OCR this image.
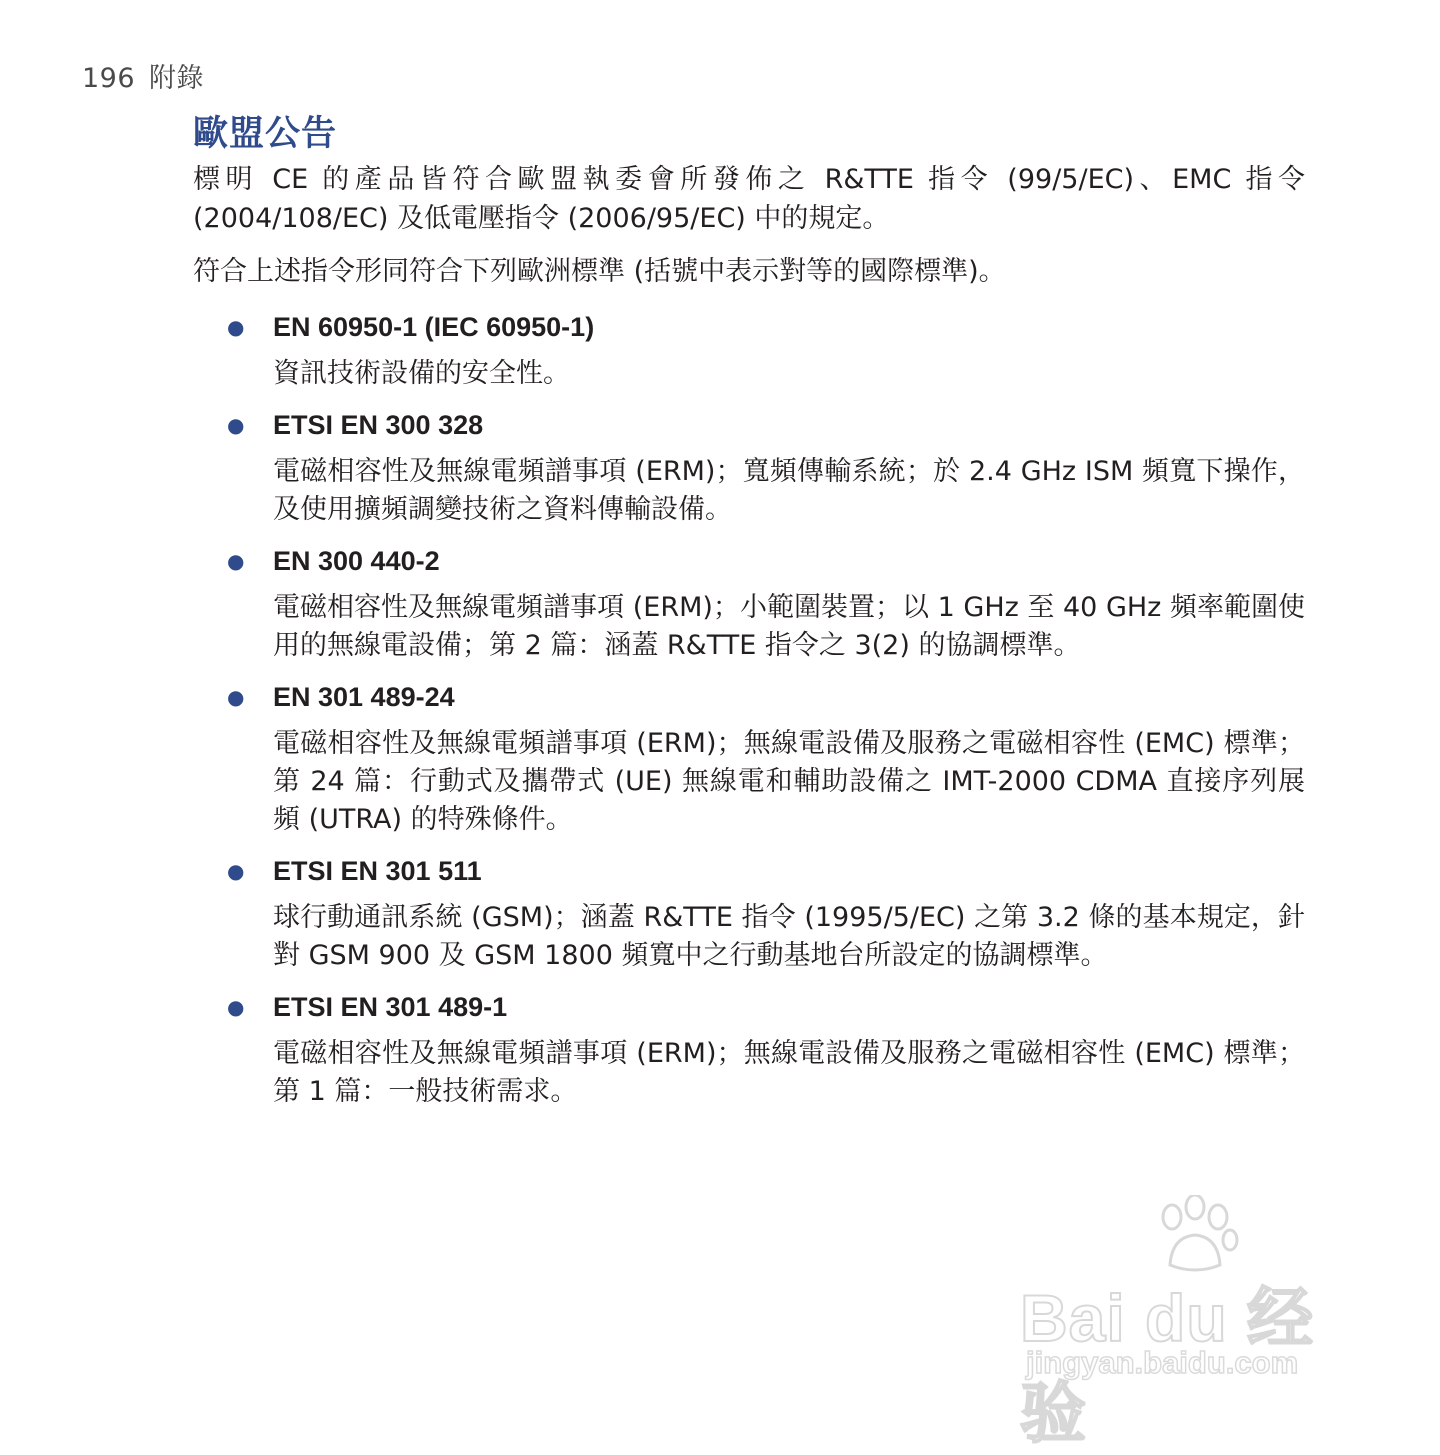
196 附錄
歐盟公告

標明 CE 的產品皆符合歐盟執委會所發佈之 R&TTE 指令 (99/5/EC)、EMC 指令 (2004/108/EC) 及低電壓指令 (2006/95/EC) 中的規定。

符合上述指令形同符合下列歐洲標準 (括號中表示對等的國際標準)。

● EN 60950-1 (IEC 60950-1)

資訊技術設備的安全性。

● ETSI EN 300 328

電磁相容性及無線電頻譜事項 (ERM)；寬頻傳輸系統；於 2.4 GHz ISM 頻寬下操作，及使用擴頻調變技術之資料傳輸設備。

● EN 300 440-2

電磁相容性及無線電頻譜事項 (ERM)；小範圍裝置；以 1 GHz 至 40 GHz 頻率範圍使用的無線電設備；第 2 篇：涵蓋 R&TTE 指令之 3(2) 的協調標準。

● EN 301 489-24

電磁相容性及無線電頻譜事項 (ERM)；無線電設備及服務之電磁相容性 (EMC) 標準；第 24 篇：行動式及攜帶式 (UE) 無線電和輔助設備之 IMT-2000 CDMA 直接序列展頻 (UTRA) 的特殊條件。

● ETSI EN 301 511

球行動通訊系統 (GSM)；涵蓋 R&TTE 指令 (1995/5/EC) 之第 3.2 條的基本規定，針對 GSM 900 及 GSM 1800 頻寬中之行動基地台所設定的協調標準。

● ETSI EN 301 489-1

電磁相容性及無線電頻譜事項 (ERM)；無線電設備及服務之電磁相容性 (EMC) 標準；第 1 篇：一般技術需求。

Bai du 经验
jingyan.baidu.com
